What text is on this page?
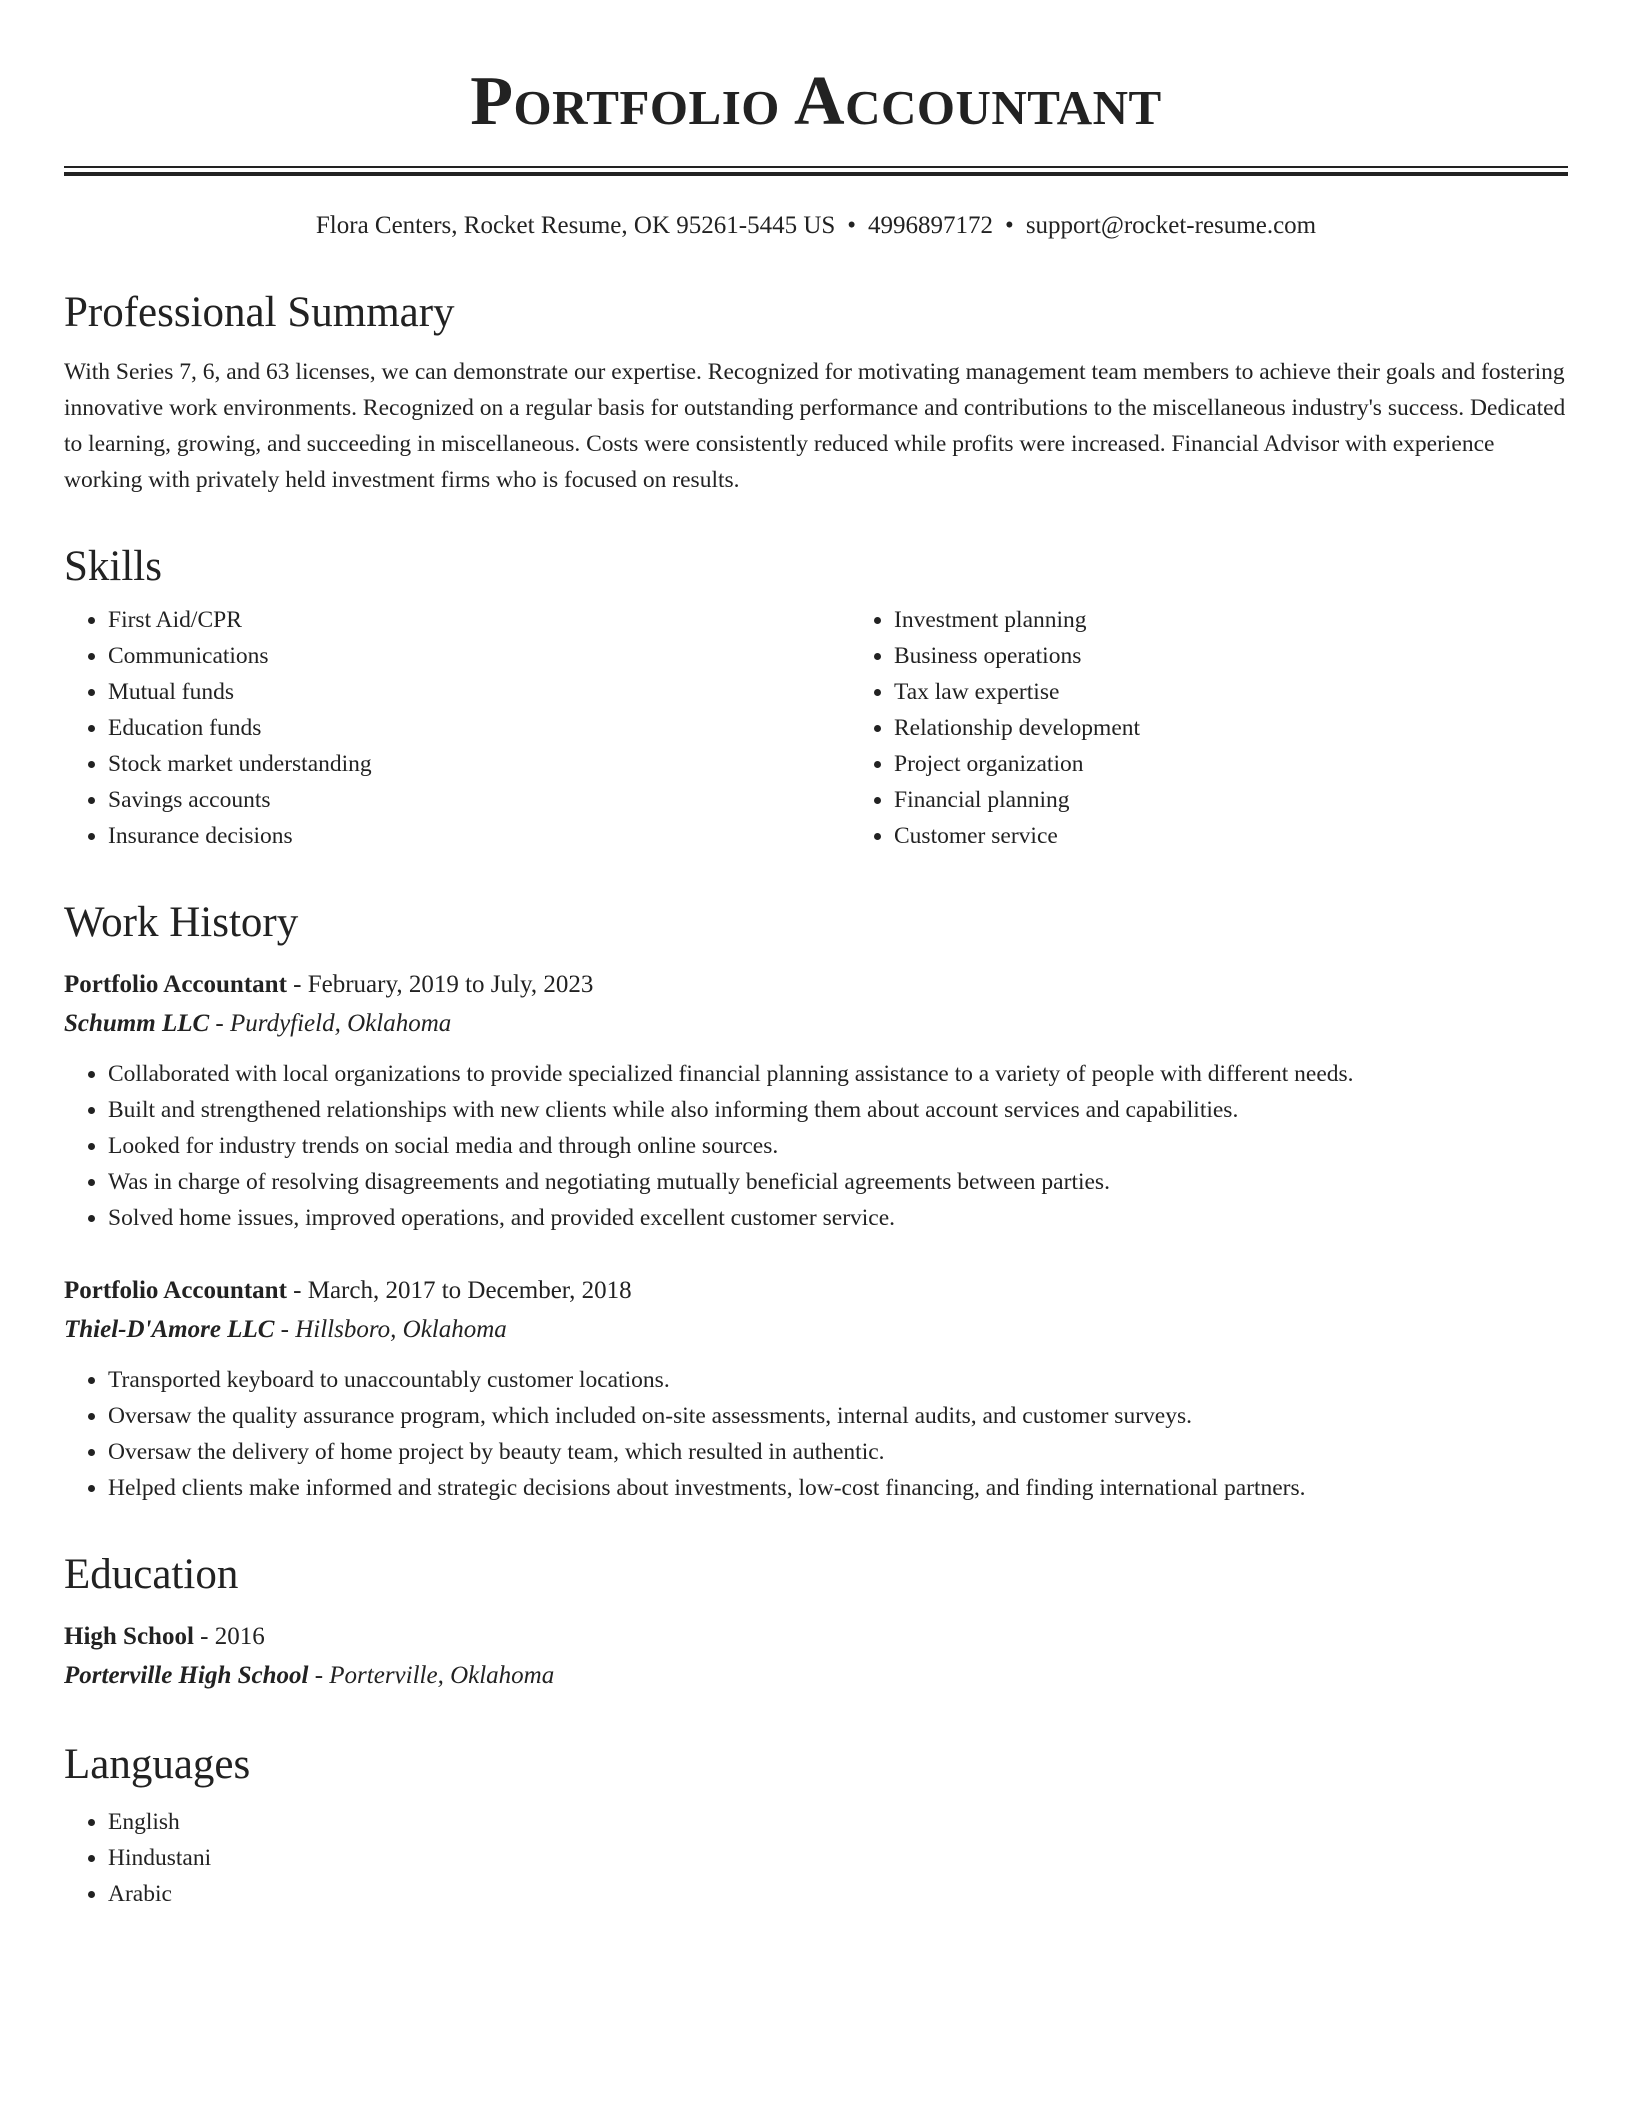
Portfolio Accountant
Flora Centers, Rocket Resume, OK 95261-5445 US • 4996897172 • support@rocket-resume.com
Professional Summary

With Series 7, 6, and 63 licenses, we can demonstrate our expertise. Recognized for motivating management team members to achieve their goals and fostering innovative work environments. Recognized on a regular basis for outstanding performance and contributions to the miscellaneous industry's success. Dedicated to learning, growing, and succeeding in miscellaneous. Costs were consistently reduced while profits were increased. Financial Advisor with experience working with privately held investment firms who is focused on results.

Skills
• First Aid/CPR
• Communications
• Mutual funds
• Education funds
• Stock market understanding
• Savings accounts
• Insurance decisions
• Investment planning
• Business operations
• Tax law expertise
• Relationship development
• Project organization
• Financial planning
• Customer service
Work History
Portfolio Accountant - February, 2019 to July, 2023
Schumm LLC - Purdyfield, Oklahoma
• Collaborated with local organizations to provide specialized financial planning assistance to a variety of people with different needs.
• Built and strengthened relationships with new clients while also informing them about account services and capabilities.
• Looked for industry trends on social media and through online sources.
• Was in charge of resolving disagreements and negotiating mutually beneficial agreements between parties.
• Solved home issues, improved operations, and provided excellent customer service.
Portfolio Accountant - March, 2017 to December, 2018
Thiel-D'Amore LLC - Hillsboro, Oklahoma
• Transported keyboard to unaccountably customer locations.
• Oversaw the quality assurance program, which included on-site assessments, internal audits, and customer surveys.
• Oversaw the delivery of home project by beauty team, which resulted in authentic.
• Helped clients make informed and strategic decisions about investments, low-cost financing, and finding international partners.
Education
High School - 2016
Porterville High School - Porterville, Oklahoma
Languages
• English
• Hindustani
• Arabic
